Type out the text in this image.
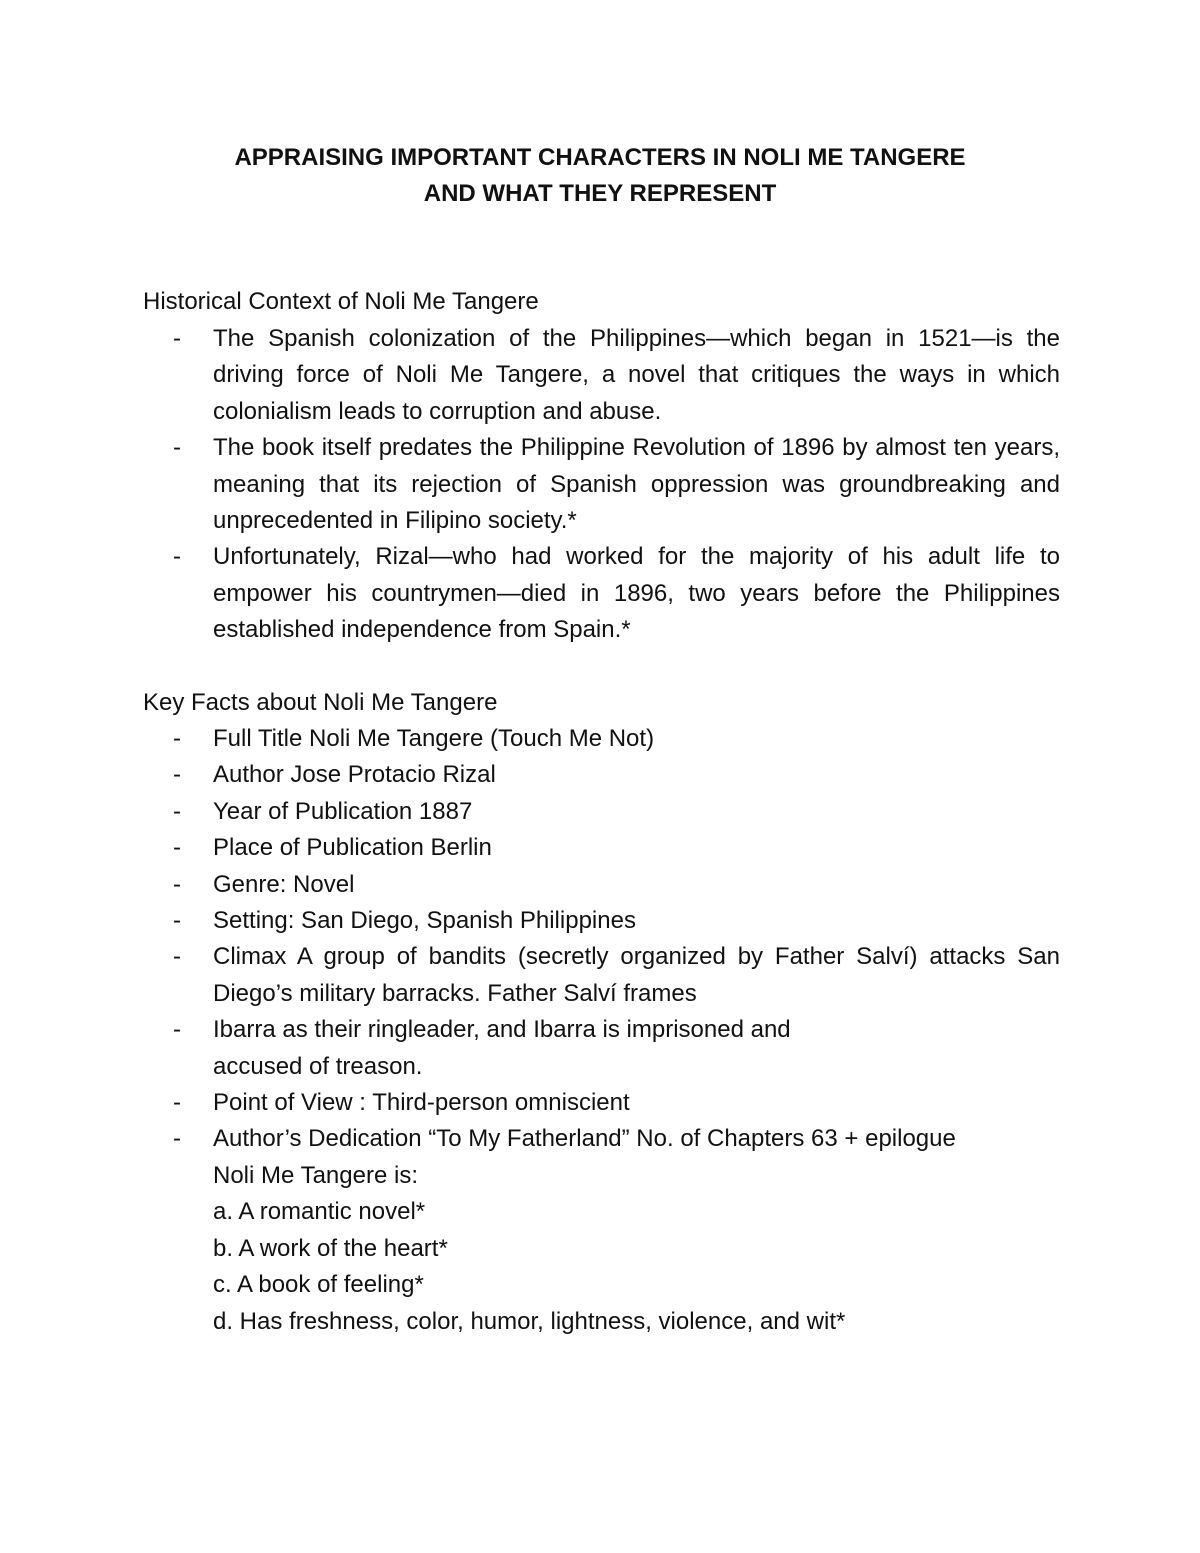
APPRAISING IMPORTANT CHARACTERS IN NOLI ME TANGERE
AND WHAT THEY REPRESENT

Historical Context of Noli Me Tangere

- The Spanish colonization of the Philippines—which began in 1521—is the driving force of Noli Me Tangere, a novel that critiques the ways in which colonialism leads to corruption and abuse.
- The book itself predates the Philippine Revolution of 1896 by almost ten years, meaning that its rejection of Spanish oppression was groundbreaking and unprecedented in Filipino society.*
- Unfortunately, Rizal—who had worked for the majority of his adult life to empower his countrymen—died in 1896, two years before the Philippines established independence from Spain.*

Key Facts about Noli Me Tangere

- Full Title Noli Me Tangere (Touch Me Not)
- Author Jose Protacio Rizal
- Year of Publication 1887
- Place of Publication Berlin
- Genre: Novel
- Setting: San Diego, Spanish Philippines
- Climax A group of bandits (secretly organized by Father Salví) attacks San Diego’s military barracks. Father Salví frames
- Ibarra as their ringleader, and Ibarra is imprisoned and
accused of treason.
- Point of View : Third-person omniscient
- Author’s Dedication “To My Fatherland” No. of Chapters 63 + epilogue

Noli Me Tangere is:

a. A romantic novel*

b. A work of the heart*

c. A book of feeling*

d. Has freshness, color, humor, lightness, violence, and wit*
